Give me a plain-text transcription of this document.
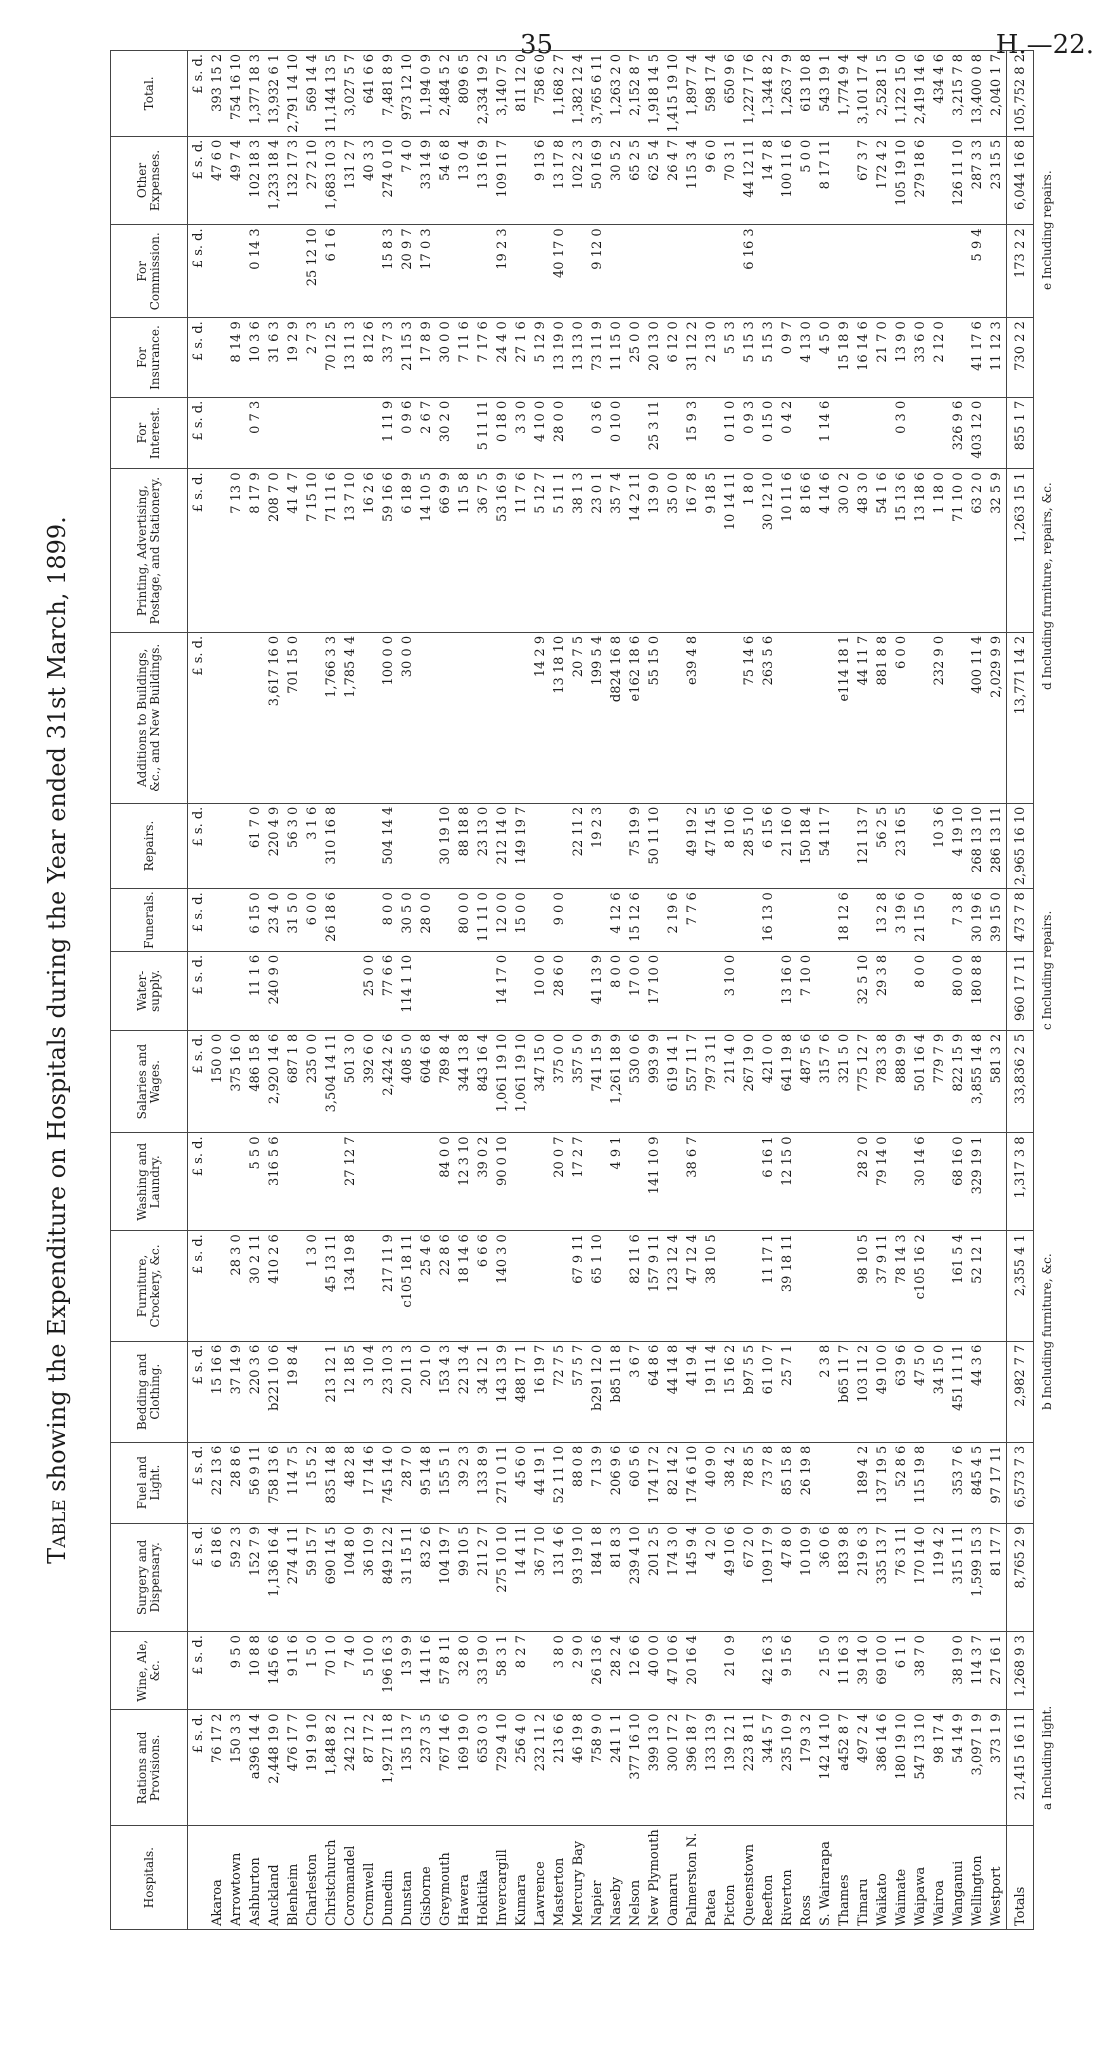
35	H.—22.
Table showing the Expenditure on Hospitals during the Year ended 31st March, 1899.
Hospitals.	Rations and Provisions.	Wine, Ale, &c.	Surgery and Dispensary.	Fuel and Light.	Bedding and Clothing.	Furniture, Crockery, &c.	Washing and Laundry.	Salaries and Wages.	Water-supply.	Funerals.	Repairs.	Additions to Buildings, &c., and New Buildings.	Printing, Advertising, Postage, and Stationery.	For Interest.	For Insurance.	For Commission.	Other Expenses.	Total.
	£ s. d.	£ s. d.	£ s. d.	£ s. d.	£ s. d.	£ s. d.	£ s. d.	£ s. d.	£ s. d.	£ s. d.	£ s. d.	£ s. d.	£ s. d.	£ s. d.	£ s. d.	£ s. d.	£ s. d.	£ s. d.
Akaroa	76 17 2		6 18 6	22 13 6	15 16 6			150 0 0									47 6 0	393 15 2
Arrowtown	150 3 3	9 5 0	59 2 3	28 8 6	37 14 9	28 3 0		375 16 0					7 13 0		8 14 9		49 7 4	754 16 10
Ashburton	a396 14 4	10 8 8	152 7 9	56 9 11	220 3 6	30 2 11	5 5 0	486 15 8	11 1 6	6 15 0	61 7 0		8 17 9	0 7 3	10 3 6	0 14 3	102 18 3	1,377 18 3
Auckland	2,448 19 0	145 6 6	1,136 16 4	758 13 6	b221 10 6	410 2 6	316 5 6	2,920 14 6	240 9 0	23 4 0	220 4 9	3,617 16 0	208 7 0		31 6 3		1,233 18 4	13,932 6 1
Blenheim	476 17 7	9 11 6	274 4 11	114 7 5	19 8 4			687 1 8		31 5 0	56 3 0	701 15 0	41 4 7		19 2 9		132 17 3	2,791 14 10
Charleston	191 9 10	1 5 0	59 15 7	15 5 2		1 3 0		235 0 0		6 0 0	3 1 6		7 15 10		2 7 3	25 12 10	27 2 10	569 14 4
Christchurch	1,848 8 2	70 1 0	690 14 5	835 14 8	213 12 1	45 13 11		3,504 14 11		26 18 6	310 16 8	1,766 3 3	71 11 6		70 12 5	6 1 6	1,683 10 3	11,144 13 5
Coromandel	242 12 1	7 4 0	104 8 0	48 2 8	12 18 5	134 19 8	27 12 7	501 3 0				1,785 4 4	13 7 10		13 11 3		131 2 7	3,027 5 7
Cromwell	87 17 2	5 10 0	36 10 9	17 14 6	3 10 4			392 6 0	25 0 0				16 2 6		8 12 6		40 3 3	641 6 6
Dunedin	1,927 11 8	196 16 3	849 12 2	745 14 0	23 10 3	217 11 9		2,424 2 6	77 6 6	8 0 0	504 14 4	100 0 0	59 16 6	1 11 9	33 7 3	15 8 3	274 0 10	7,481 8 9
Dunstan	135 13 7	13 9 9	31 15 11	28 7 0	20 11 3	c105 18 11		408 5 0	114 1 10	30 5 0		30 0 0	6 18 9	0 9 6	21 15 3	20 9 7	7 4 0	973 12 10
Gisborne	237 3 5	14 11 6	83 2 6	95 14 8	20 1 0	25 4 6		604 6 8		28 0 0			14 10 5	2 6 7	17 8 9	17 0 3	33 14 9	1,194 0 9
Greymouth	767 14 6	57 8 11	104 19 7	155 5 1	153 4 3	22 8 6	84 0 0	789 8 4			30 19 10		66 9 9	30 2 0	30 0 0		54 6 8	2,484 5 2
Hawera	169 19 0	32 8 0	99 10 5	39 2 3	22 13 4	18 14 6	12 3 10	344 13 8		80 0 0	88 18 8		11 5 8		7 11 6		13 0 4	809 6 5
Hokitika	653 0 3	33 19 0	211 2 7	133 8 9	34 12 1	6 6 6	39 0 2	843 16 4		11 11 0	23 13 0		36 7 5	5 11 11	7 17 6		13 16 9	2,334 19 2
Invercargill	729 4 10	58 3 1	275 10 10	271 0 11	143 13 9	140 3 0	90 0 10	1,061 19 10	14 17 0	12 0 0	212 14 0		53 16 9	0 18 0	24 4 0	19 2 3	109 11 7	3,140 7 5
Kumara	256 4 0	8 2 7	14 4 11	45 6 0	488 17 1			1,061 19 10		15 0 0	149 19 7		11 7 6	3 3 0	27 1 6			811 12 0
Lawrence	232 11 2		36 7 10	44 19 1	16 19 7			347 15 0	10 0 0			14 2 9	5 12 7	4 10 0	5 12 9		9 13 6	758 6 0
Masterton	213 6 6	3 8 0	131 4 6	52 11 10	72 7 5		20 0 7	375 0 0	28 6 0	9 0 0		13 18 10	5 11 1	28 0 0	13 19 0	40 17 0	13 17 8	1,168 2 7
Mercury Bay	46 19 8	2 9 0	93 19 10	88 0 8	57 5 7	67 9 11	17 2 7	357 5 0			22 11 2	20 7 5	38 1 3		13 13 0		102 2 3	1,382 12 4
Napier	758 9 0	26 13 6	184 1 8	7 13 9	b291 12 0	65 1 10		741 15 9	41 13 9		19 2 3	199 5 4	23 0 1	0 3 6	73 11 9	9 12 0	50 16 9	3,765 6 11
Naseby	241 1 1	28 2 4	81 8 3	206 9 6	b85 11 8		4 9 1	1,261 18 9	8 0 0	4 12 6		d824 16 8	35 7 4	0 10 0	11 15 0		30 5 2	1,263 2 0
Nelson	377 16 10	12 6 6	239 4 10	60 5 6	3 6 7	82 11 6		530 0 6	17 0 0	15 12 6	75 19 9	e162 18 6	14 2 11		25 0 0		65 2 5	2,152 8 7
New Plymouth	399 13 0	40 0 0	201 2 5	174 17 2	64 8 6	157 9 11	141 10 9	993 9 9	17 10 0		50 11 10	55 15 0	13 9 0	25 3 11	20 13 0		62 5 4	1,918 14 5
Oamaru	300 17 2	47 10 6	174 3 0	82 14 2	44 14 8	123 12 4		619 14 1		2 19 6			35 0 0		6 12 0		26 4 7	1,415 19 10
Palmerston N.	396 18 7	20 16 4	145 9 4	174 6 10	41 9 4	47 12 4	38 6 7	557 11 7		7 7 6	49 19 2	e39 4 8	16 7 8	15 9 3	31 12 2		115 3 4	1,897 7 4
Patea	133 13 9		4 2 0	40 9 0	19 11 4	38 10 5		797 3 11			47 14 5		9 18 5		2 13 0		9 6 0	598 17 4
Picton	139 12 1	21 0 9	49 10 6	38 4 2	15 16 2			211 4 0	3 10 0		8 10 6		10 14 11	0 11 0	5 5 3		70 3 1	650 9 6
Queenstown	223 8 11		67 2 0	78 8 5	b97 5 5			267 19 0			28 5 10	75 14 6	1 8 0	0 9 3	5 15 3	6 16 3	44 12 11	1,227 17 6
Reefton	344 5 7	42 16 3	109 17 9	73 7 8	61 10 7	11 17 1	6 16 1	421 0 0		16 13 0	6 15 6	263 5 6	30 12 10	0 15 0	5 15 3		14 7 8	1,344 8 2
Riverton	235 10 9	9 15 6	47 8 0	85 15 8	25 7 1	39 18 11	12 15 0	641 19 8	13 16 0		21 16 0		10 11 6	0 4 2	0 9 7		100 11 6	1,263 7 9
Ross	179 3 2		10 10 9	26 19 8				487 5 6	7 10 0		150 18 4		8 16 6		4 13 0		5 0 0	613 10 8
S. Wairarapa	142 14 10	2 15 0	36 0 6		2 3 8			315 7 6			54 11 7		4 14 6	1 14 6	4 5 0		8 17 11	543 19 1
Thames	a452 8 7	11 16 3	183 9 8		b65 11 7			321 5 0		18 12 6		e114 18 1	30 0 2		15 18 9			1,774 9 4
Timaru	497 2 4	39 14 0	219 6 3	189 4 2	103 11 2	98 10 5	28 2 0	775 12 7	32 5 10		121 13 7	44 11 7	48 3 0		16 14 6		67 3 7	3,101 17 4
Waikato	386 14 6	69 10 0	335 13 7	137 19 5	49 10 0	37 9 11	79 14 0	783 3 8	29 3 8	13 2 8	56 2 5	881 8 8	54 1 6		21 7 0		172 4 2	2,528 1 5
Waimate	180 19 10	6 1 1	76 3 11	52 8 6	63 9 6	78 14 3		888 9 9		3 19 6	23 16 5	6 0 0	15 13 6	0 3 0	13 9 0		105 19 10	1,122 15 0
Waipawa	547 13 10	38 7 0	170 14 0	115 19 8	47 5 0	c105 16 2	30 14 6	501 16 4	8 0 0	21 15 0			13 18 6		33 6 0		279 18 6	2,419 14 6
Wairoa	98 17 4		119 4 2		34 15 0			779 7 9			10 3 6	232 9 0	1 18 0		2 12 0			434 4 6
Wanganui	54 14 9	38 19 0	315 1 11	353 7 6	451 11 11	161 5 4	68 16 0	822 15 9	80 0 0	7 3 8	4 19 10		71 10 0	326 9 6			126 11 10	3,215 7 8
Wellington	3,097 1 9	114 3 7	1,599 15 3	845 4 5	44 3 6	52 12 1	329 19 1	3,855 14 8	180 8 8	30 19 6	268 13 10	400 11 4	63 2 0	403 12 0	41 17 6	5 9 4	287 3 3	13,400 0 8
Westport	373 1 9	27 16 1	81 17 7	97 17 11				581 3 2		39 15 0	286 13 11	2,029 9 9	32 5 9		11 12 3		23 15 5	2,040 1 7
Totals	21,415 16 11	1,268 9 3	8,765 2 9	6,573 7 3	2,982 7 7	2,355 4 1	1,317 3 8	33,836 2 5	960 17 11	473 7 8	2,965 16 10	13,771 14 2	1,263 15 1	855 1 7	730 2 2	173 2 2	6,044 16 8	105,752 8 2
a Including light.
b Including furniture, &c.
c Including repairs.
d Including furniture, repairs, &c.
e Including repairs.
